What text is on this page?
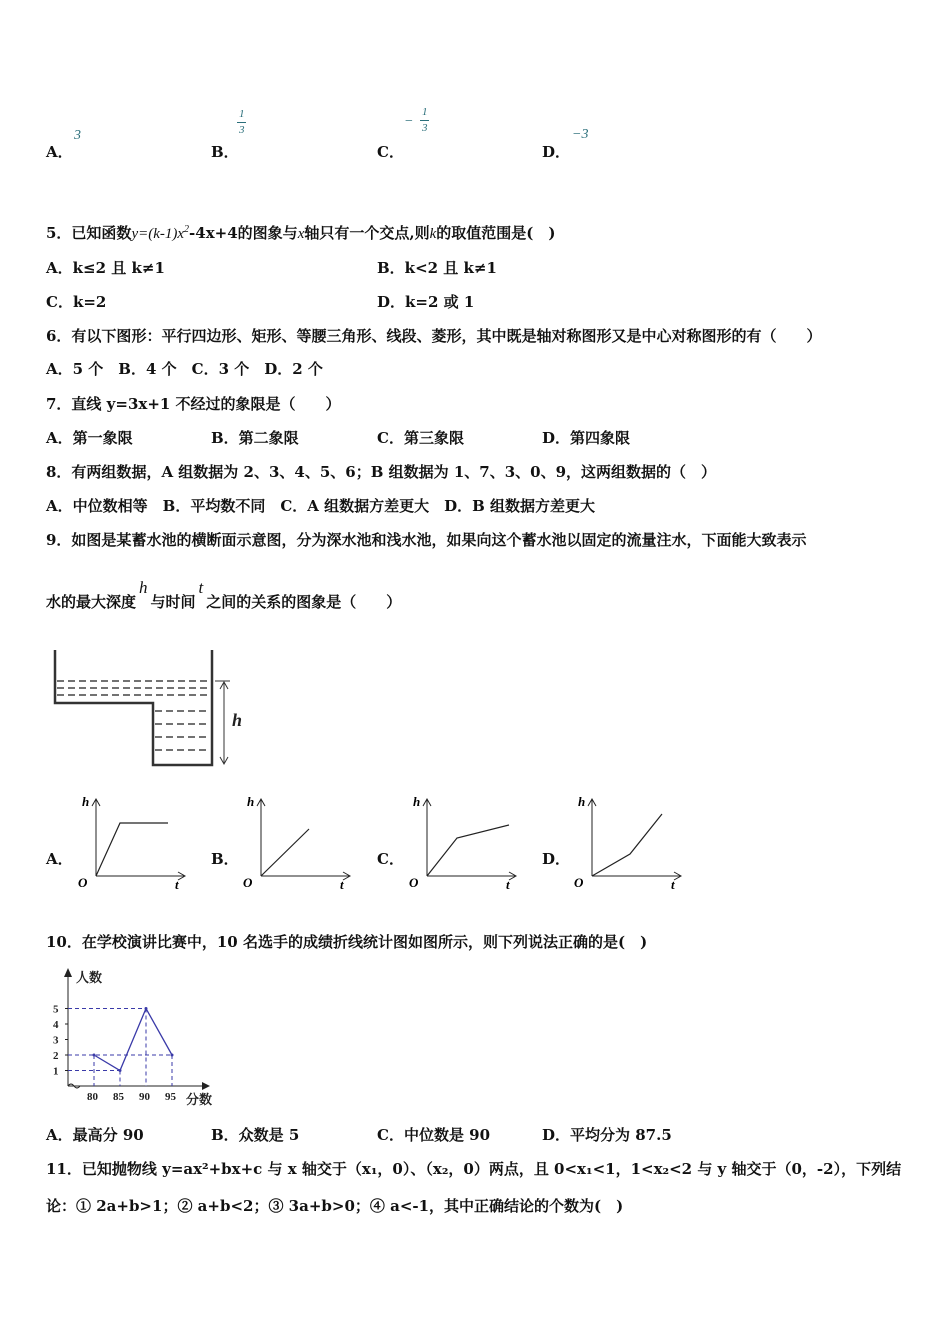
A．
3
B．
1
3
C．
−
1
3
D．
−3
5．已知函数$y=(k-1)x^2-4x+4$的图象与x轴只有一个交点,则k的取值范围是(　)
A．k≤2 且 k≠1	B．k<2 且 k≠1
C．k=2	D．k=2 或 1
6．有以下图形：平行四边形、矩形、等腰三角形、线段、菱形，其中既是轴对称图形又是中心对称图形的有（　　）
A．5 个　B．4 个　C．3 个　D．2 个
7．直线 y=3x+1 不经过的象限是（　　）
A．第一象限	B．第二象限	C．第三象限	D．第四象限
8．有两组数据，A 组数据为 2、3、4、5、6；B 组数据为 1、7、3、0、9，这两组数据的（　）
A．中位数相等　B．平均数不同　C．A 组数据方差更大　D．B 组数据方差更大
9．如图是某蓄水池的横断面示意图，分为深水池和浅水池，如果向这个蓄水池以固定的流量注水，下面能大致表示
水的最大深度h与时间t之间的关系的图象是（　　）
h
A．
h
O	t
B．
h
O	t
C．
h
O	t
D．
h
O	t
10．在学校演讲比赛中，10 名选手的成绩折线统计图如图所示，则下列说法正确的是(　)
1
2
3
4
5
80 85 90 95
人数
分数
A．最高分 90	B．众数是 5	C．中位数是 90	D．平均分为 87.5
11．已知抛物线 y=ax²+bx+c 与 x 轴交于（x₁，0）、（x₂，0）两点，且 0<x₁<1，1<x₂<2 与 y 轴交于（0，-2），下列结
论：① 2a+b>1；② a+b<2；③ 3a+b>0；④ a<-1，其中正确结论的个数为(　)
